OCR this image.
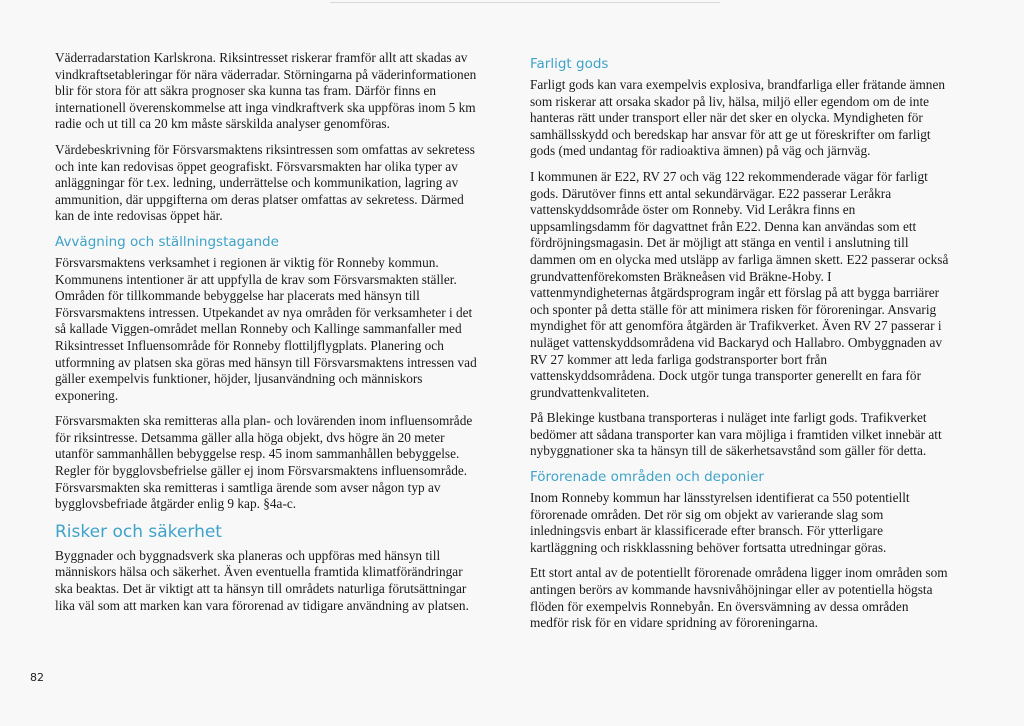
Väderradarstation Karlskrona. Riksintresset riskerar framför allt att skadas av vindkraftsetableringar för nära väderradar. Störningarna på väderinformationen blir för stora för att säkra prognoser ska kunna tas fram. Därför finns en internationell överenskommelse att inga vindkraftverk ska uppföras inom 5 km radie och ut till ca 20 km måste särskilda analyser genomföras.

Värdebeskrivning för Försvarsmaktens riksintressen som omfattas av sekretess och inte kan redovisas öppet geografiskt. Försvarsmakten har olika typer av anläggningar för t.ex. ledning, underrättelse och kommunikation, lagring av ammunition, där uppgifterna om deras platser omfattas av sekretess. Därmed kan de inte redovisas öppet här.

Avvägning och ställningstagande

Försvarsmaktens verksamhet i regionen är viktig för Ronneby kommun. Kommunens intentioner är att uppfylla de krav som Försvarsmakten ställer. Områden för tillkommande bebyggelse har placerats med hänsyn till Försvarsmaktens intressen. Utpekandet av nya områden för verksamheter i det så kallade Viggen-området mellan Ronneby och Kallinge sammanfaller med Riksintresset Influensområde för Ronneby flottiljflygplats. Planering och utformning av platsen ska göras med hänsyn till Försvarsmaktens intressen vad gäller exempelvis funktioner, höjder, ljusanvändning och människors exponering.

Försvarsmakten ska remitteras alla plan- och lovärenden inom influensområde för riksintresse. Detsamma gäller alla höga objekt, dvs högre än 20 meter utanför sammanhållen bebyggelse resp. 45 inom sammanhållen bebyggelse. Regler för bygglovsbefrielse gäller ej inom Försvarsmaktens influensområde. Försvarsmakten ska remitteras i samtliga ärende som avser någon typ av bygglovsbefriade åtgärder enlig 9 kap. §4a-c.

Risker och säkerhet

Byggnader och byggnadsverk ska planeras och uppföras med hänsyn till människors hälsa och säkerhet. Även eventuella framtida klimatförändringar ska beaktas. Det är viktigt att ta hänsyn till områdets naturliga förutsättningar lika väl som att marken kan vara förorenad av tidigare användning av platsen.

Farligt gods

Farligt gods kan vara exempelvis explosiva, brandfarliga eller frätande ämnen som riskerar att orsaka skador på liv, hälsa, miljö eller egendom om de inte hanteras rätt under transport eller när det sker en olycka. Myndigheten för samhällsskydd och beredskap har ansvar för att ge ut föreskrifter om farligt gods (med undantag för radioaktiva ämnen) på väg och järnväg.

I kommunen är E22, RV 27 och väg 122 rekommenderade vägar för farligt gods. Därutöver finns ett antal sekundärvägar. E22 passerar Leråkra vattenskyddsområde öster om Ronneby. Vid Leråkra finns en uppsamlingsdamm för dagvattnet från E22. Denna kan användas som ett fördröjningsmagasin. Det är möjligt att stänga en ventil i anslutning till dammen om en olycka med utsläpp av farliga ämnen skett. E22 passerar också grundvattenförekomsten Bräkneåsen vid Bräkne-Hoby. I vattenmyndigheternas åtgärdsprogram ingår ett förslag på att bygga barriärer och sponter på detta ställe för att minimera risken för föroreningar. Ansvarig myndighet för att genomföra åtgärden är Trafikverket. Även RV 27 passerar i nuläget vattenskyddsområdena vid Backaryd och Hallabro. Ombyggnaden av RV 27 kommer att leda farliga godstransporter bort från vattenskyddsområdena. Dock utgör tunga transporter generellt en fara för grundvattenkvaliteten.

På Blekinge kustbana transporteras i nuläget inte farligt gods. Trafikverket bedömer att sådana transporter kan vara möjliga i framtiden vilket innebär att nybyggnationer ska ta hänsyn till de säkerhetsavstånd som gäller för detta.

Förorenade områden och deponier

Inom Ronneby kommun har länsstyrelsen identifierat ca 550 potentiellt förorenade områden. Det rör sig om objekt av varierande slag som inledningsvis enbart är klassificerade efter bransch. För ytterligare kartläggning och riskklassning behöver fortsatta utredningar göras.

Ett stort antal av de potentiellt förorenade områdena ligger inom områden som antingen berörs av kommande havsnivåhöjningar eller av potentiella högsta flöden för exempelvis Ronnebyån. En översvämning av dessa områden medför risk för en vidare spridning av föroreningarna.

82
